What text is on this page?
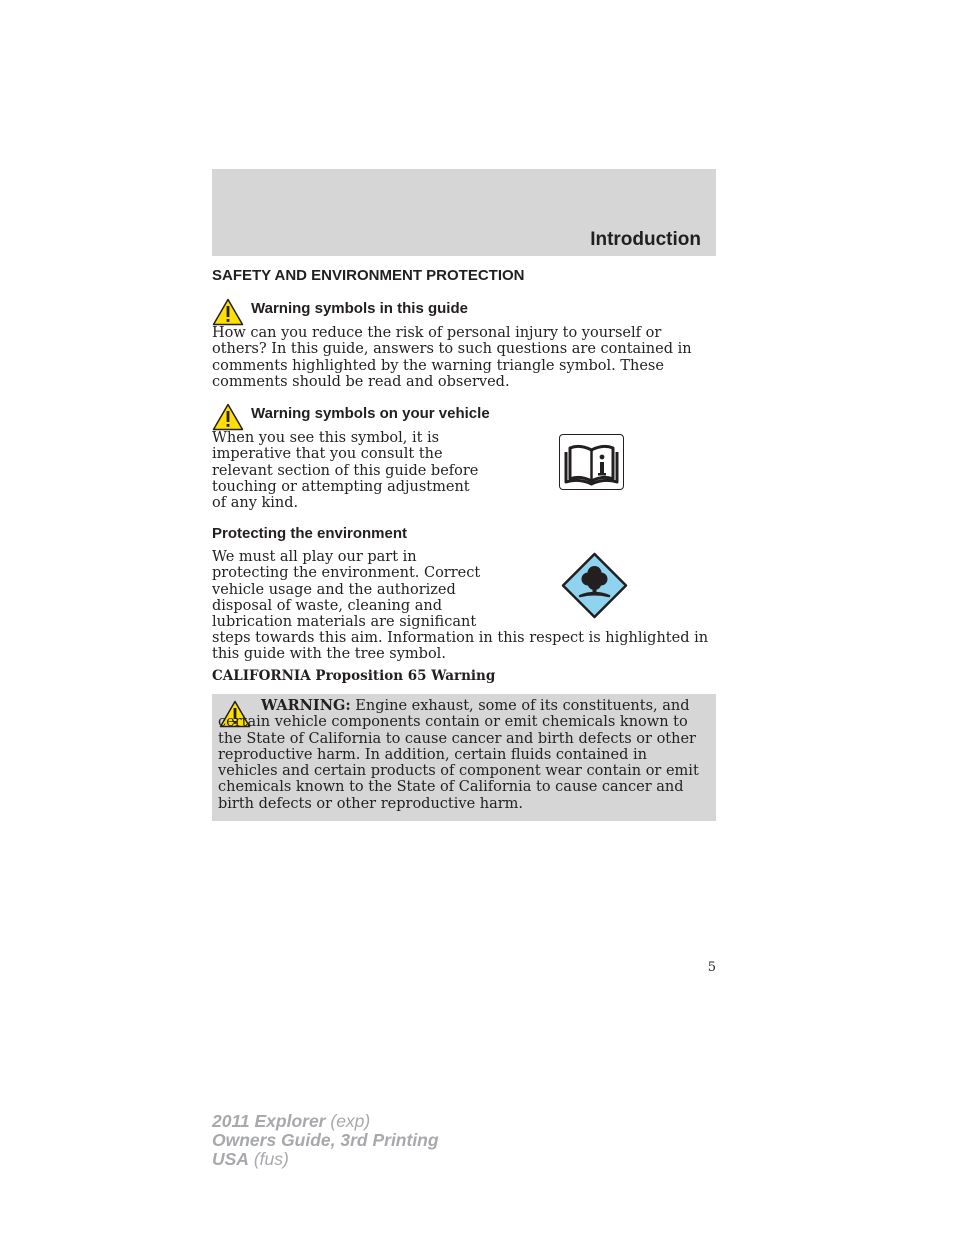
Introduction
SAFETY AND ENVIRONMENT PROTECTION
Warning symbols in this guide

How can you reduce the risk of personal injury to yourself or others? In this guide, answers to such questions are contained in comments highlighted by the warning triangle symbol. These comments should be read and observed.

Warning symbols on your vehicle
When you see this symbol, it is
imperative that you consult the
relevant section of this guide before
touching or attempting adjustment
of any kind.
Protecting the environment
We must all play our part in
protecting the environment. Correct
vehicle usage and the authorized
disposal of waste, cleaning and
lubrication materials are significant

steps towards this aim. Information in this respect is highlighted in this guide with the tree symbol.

CALIFORNIA Proposition 65 Warning

WARNING: Engine exhaust, some of its constituents, and certain vehicle components contain or emit chemicals known to the State of California to cause cancer and birth defects or other reproductive harm. In addition, certain fluids contained in vehicles and certain products of component wear contain or emit chemicals known to the State of California to cause cancer and birth defects or other reproductive harm.

5
2011 Explorer (exp)
Owners Guide, 3rd Printing
USA (fus)
